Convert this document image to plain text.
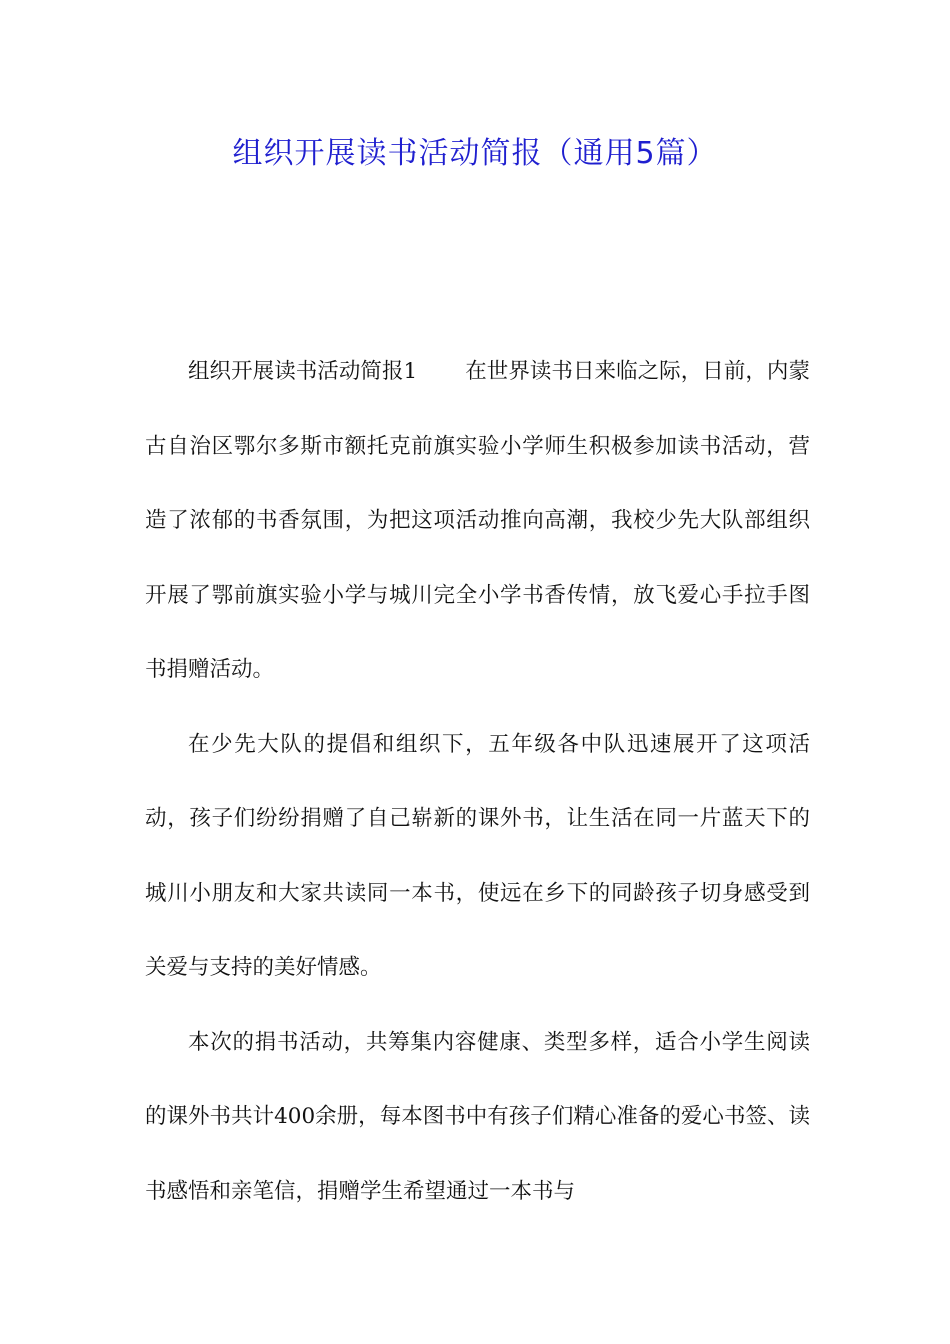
组织开展读书活动简报（通用5篇）

组织开展读书活动简报1 在世界读书日来临之际，日前，内蒙古自治区鄂尔多斯市额托克前旗实验小学师生积极参加读书活动，营造了浓郁的书香氛围，为把这项活动推向高潮，我校少先大队部组织开展了鄂前旗实验小学与城川完全小学书香传情，放飞爱心手拉手图书捐赠活动。

在少先大队的提倡和组织下，五年级各中队迅速展开了这项活动，孩子们纷纷捐赠了自己崭新的课外书，让生活在同一片蓝天下的城川小朋友和大家共读同一本书，使远在乡下的同龄孩子切身感受到关爱与支持的美好情感。

本次的捐书活动，共筹集内容健康、类型多样，适合小学生阅读的课外书共计400余册，每本图书中有孩子们精心准备的爱心书签、读书感悟和亲笔信，捐赠学生希望通过一本书与
